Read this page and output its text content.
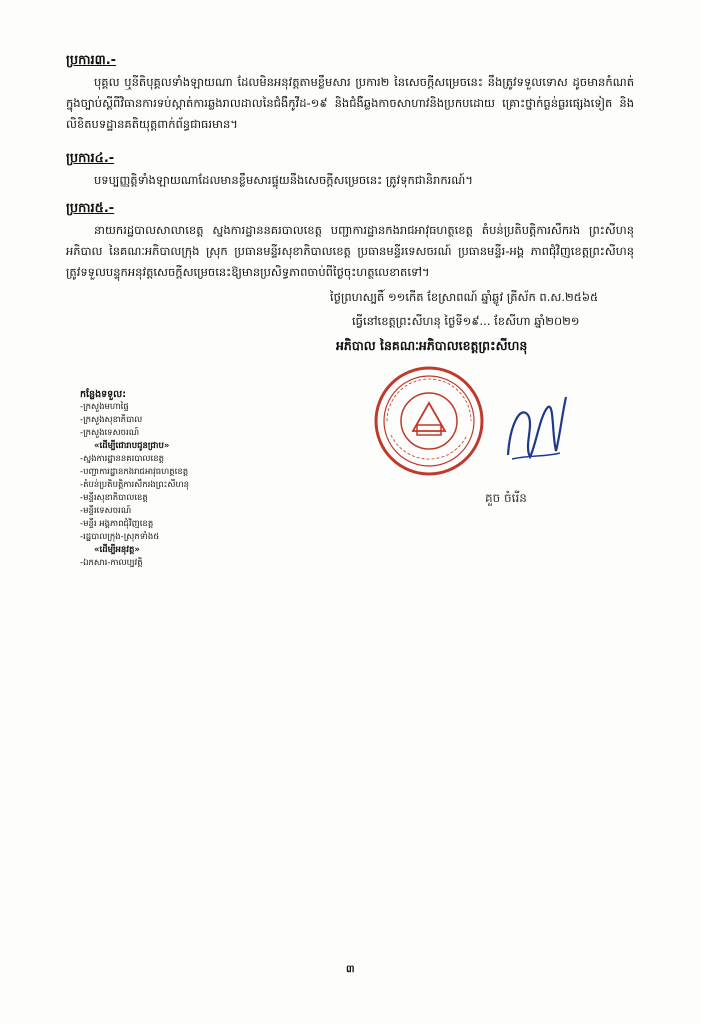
ប្រការ៣.-
បុគ្គល ឬនីតិបុគ្គលទាំងឡាយណា ដែលមិនអនុវត្តតាមខ្លឹមសារ ប្រការ២ នៃសេចក្តីសម្រេចនេះ នឹងត្រូវទទួលទោស ដូចមានកំណត់ក្នុងច្បាប់ស្តីពីវិធានការទប់ស្កាត់ការឆ្លងរាលដាលនៃជំងឺកូវីដ-១៩ និងជំងឺឆ្លងកាចសាហាវនិងប្រកបដោយ គ្រោះថ្នាក់ធ្ងន់ធ្ងរផ្សេងទៀត និងលិខិតបទដ្ឋានគតិយុត្តពាក់ព័ន្ធជាធរមាន។
ប្រការ៤.-
បទប្បញ្ញត្តិទាំងឡាយណាដែលមានខ្លឹមសារផ្ទុយនឹងសេចក្តីសម្រេចនេះ ត្រូវទុកជានិរាករណ៍។
ប្រការ៥.-
នាយករដ្ឋបាលសាលាខេត្ត ស្នងការដ្ឋាននគរបាលខេត្ត បញ្ជាការដ្ឋានកងរាជអាវុធហត្ថខេត្ត តំបន់ប្រតិបត្តិការសឹករង ព្រះសីហនុ អភិបាល នៃគណៈអភិបាលក្រុង ស្រុក ប្រធានមន្ទីរសុខាភិបាលខេត្ត ប្រធានមន្ទីរទេសចរណ៍ ប្រធានមន្ទីរ-អង្គ ភាពជុំវិញខេត្តព្រះសីហនុ ត្រូវទទួលបន្ទុកអនុវត្តសេចក្តីសម្រេចនេះឱ្យមានប្រសិទ្ធភាពចាប់ពីថ្ងៃចុះហត្ថលេខាតទៅ។
ថ្ងៃព្រហស្បតិ៍ ១១កើត ខែស្រាពណ៍ ឆ្នាំឆ្លូវ ត្រីស័ក ព.ស.២៥៦៥
ធ្វើនៅខេត្តព្រះសីហនុ ថ្ងៃទី១៩... ខែសីហា ឆ្នាំ២០២១
អភិបាល នៃគណៈអភិបាលខេត្តព្រះសីហនុ
គួច ចំរើន
កន្លែងទទួល:
-ក្រសួងមហាផ្ទៃ
-ក្រសួងសុខាភិបាល
-ក្រសួងទេសចរណ៍
«ដើម្បីជោរាបជូនជ្រាប»
-ស្នងការដ្ឋាននគរបាលខេត្ត
-បញ្ជាការដ្ឋានកងរាជអាវុធហត្ថខេត្ត
-តំបន់ប្រតិបត្តិការសឹករងព្រះសីហនុ
-មន្ទីរសុខាភិបាលខេត្ត
-មន្ទីរទេសចរណ៍
-មន្ទីរ អង្គភាពជុំវិញខេត្ត
-រដ្ឋបាលក្រុង-ស្រុកទាំង៥
«ដើម្បីអនុវត្ត»
-ឯកសារ-កាលប្បវត្តិ
៣
